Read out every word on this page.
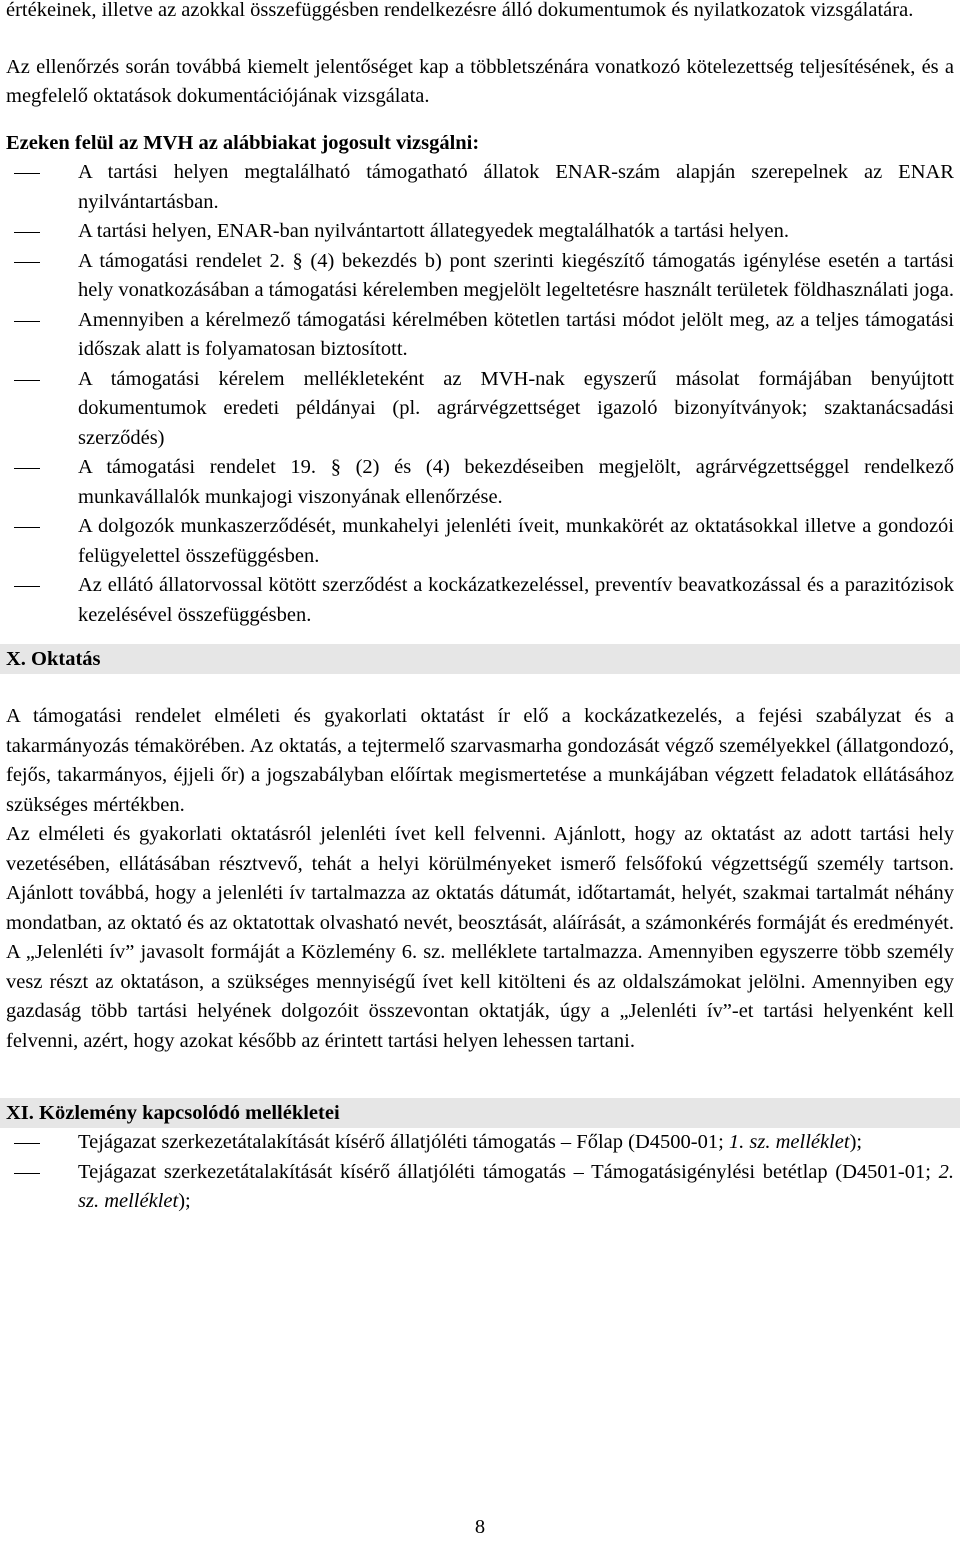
értékeinek, illetve az azokkal összefüggésben rendelkezésre álló dokumentumok és nyilatkozatok vizsgálatára.

Az ellenőrzés során továbbá kiemelt jelentőséget kap a többletszénára vonatkozó kötelezettség teljesítésének, és a megfelelő oktatások dokumentációjának vizsgálata.

Ezeken felül az MVH az alábbiakat jogosult vizsgálni:

A tartási helyen megtalálható támogatható állatok ENAR-szám alapján szerepelnek az ENAR nyilvántartásban.
A tartási helyen, ENAR-ban nyilvántartott állategyedek megtalálhatók a tartási helyen.
A támogatási rendelet 2. § (4) bekezdés b) pont szerinti kiegészítő támogatás igénylése esetén a tartási hely vonatkozásában a támogatási kérelemben megjelölt legeltetésre használt területek földhasználati joga.
Amennyiben a kérelmező támogatási kérelmében kötetlen tartási módot jelölt meg, az a teljes támogatási időszak alatt is folyamatosan biztosított.
A támogatási kérelem mellékleteként az MVH-nak egyszerű másolat formájában benyújtott dokumentumok eredeti példányai (pl. agrárvégzettséget igazoló bizonyítványok; szaktanácsadási szerződés)
A támogatási rendelet 19. § (2) és (4) bekezdéseiben megjelölt, agrárvégzettséggel rendelkező munkavállalók munkajogi viszonyának ellenőrzése.
A dolgozók munkaszerződését, munkahelyi jelenléti íveit, munkakörét az oktatásokkal illetve a gondozói felügyelettel összefüggésben.
Az ellátó állatorvossal kötött szerződést a kockázatkezeléssel, preventív beavatkozással és a parazitózisok kezelésével összefüggésben.
X. Oktatás

A támogatási rendelet elméleti és gyakorlati oktatást ír elő a kockázatkezelés, a fejési szabályzat és a takarmányozás témakörében. Az oktatás, a tejtermelő szarvasmarha gondozását végző személyekkel (állatgondozó, fejős, takarmányos, éjjeli őr) a jogszabályban előírtak megismertetése a munkájában végzett feladatok ellátásához szükséges mértékben.

Az elméleti és gyakorlati oktatásról jelenléti ívet kell felvenni. Ajánlott, hogy az oktatást az adott tartási hely vezetésében, ellátásában résztvevő, tehát a helyi körülményeket ismerő felsőfokú végzettségű személy tartson. Ajánlott továbbá, hogy a jelenléti ív tartalmazza az oktatás dátumát, időtartamát, helyét, szakmai tartalmát néhány mondatban, az oktató és az oktatottak olvasható nevét, beosztását, aláírását, a számonkérés formáját és eredményét. A „Jelenléti ív” javasolt formáját a Közlemény 6. sz. melléklete tartalmazza. Amennyiben egyszerre több személy vesz részt az oktatáson, a szükséges mennyiségű ívet kell kitölteni és az oldalszámokat jelölni. Amennyiben egy gazdaság több tartási helyének dolgozóit összevontan oktatják, úgy a „Jelenléti ív”-et tartási helyenként kell felvenni, azért, hogy azokat később az érintett tartási helyen lehessen tartani.

XI. Közlemény kapcsolódó mellékletei
Tejágazat szerkezetátalakítását kísérő állatjóléti támogatás – Főlap (D4500-01; 1. sz. melléklet);
Tejágazat szerkezetátalakítását kísérő állatjóléti támogatás – Támogatásigénylési betétlap (D4501-01; 2. sz. melléklet);
8
